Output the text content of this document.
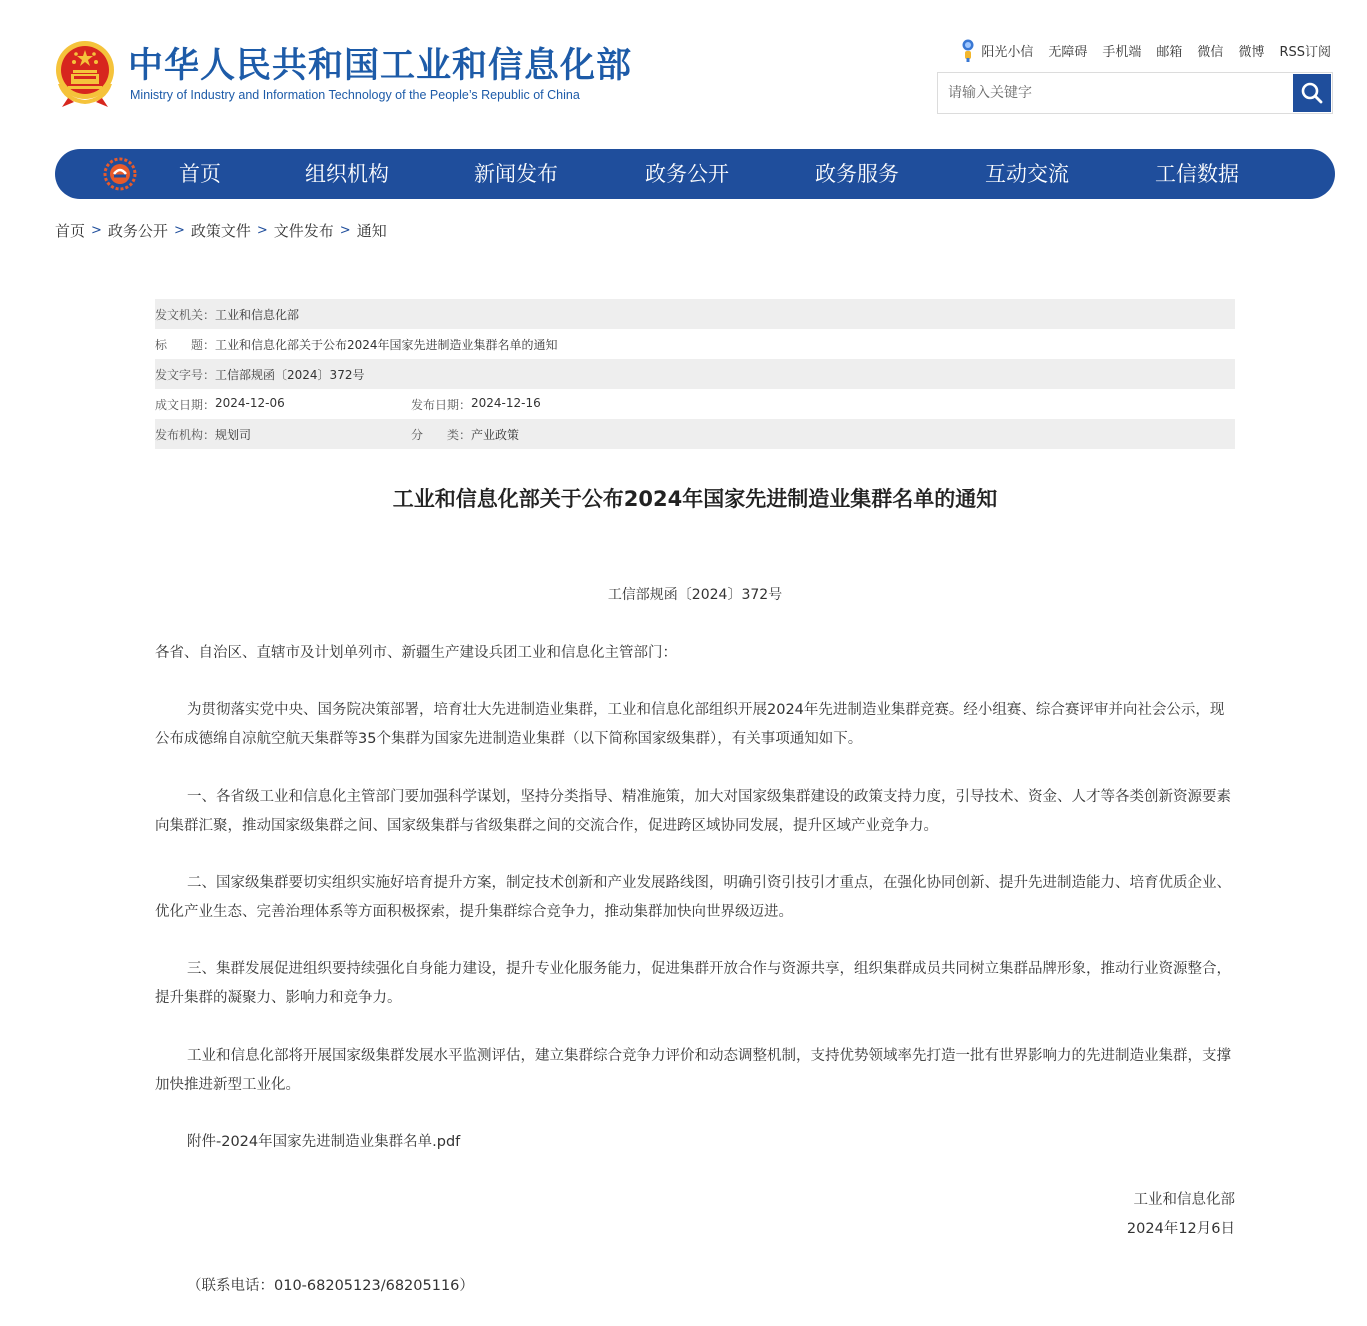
中华人民共和国工业和信息化部
Ministry of Industry and Information Technology of the People’s Republic of China
阳光小信 无障碍 手机端 邮箱 微信 微博 RSS订阅
请输入关键字
首页	组织机构	新闻发布	政务公开	政务服务	互动交流	工信数据
首页 > 政务公开 > 政策文件 > 文件发布 > 通知
发文机关： 工业和信息化部
标　　题： 工业和信息化部关于公布2024年国家先进制造业集群名单的通知
发文字号： 工信部规函〔2024〕372号
成文日期： 2024-12-06	发布日期： 2024-12-16
发布机构： 规划司	分　　类： 产业政策
工业和信息化部关于公布2024年国家先进制造业集群名单的通知
工信部规函〔2024〕372号
各省、自治区、直辖市及计划单列市、新疆生产建设兵团工业和信息化主管部门：

为贯彻落实党中央、国务院决策部署，培育壮大先进制造业集群，工业和信息化部组织开展2024年先进制造业集群竞赛。经小组赛、综合赛评审并向社会公示，现公布成德绵自凉航空航天集群等35个集群为国家先进制造业集群（以下简称国家级集群），有关事项通知如下。

一、各省级工业和信息化主管部门要加强科学谋划，坚持分类指导、精准施策，加大对国家级集群建设的政策支持力度，引导技术、资金、人才等各类创新资源要素向集群汇聚，推动国家级集群之间、国家级集群与省级集群之间的交流合作，促进跨区域协同发展，提升区域产业竞争力。

二、国家级集群要切实组织实施好培育提升方案，制定技术创新和产业发展路线图，明确引资引技引才重点，在强化协同创新、提升先进制造能力、培育优质企业、优化产业生态、完善治理体系等方面积极探索，提升集群综合竞争力，推动集群加快向世界级迈进。

三、集群发展促进组织要持续强化自身能力建设，提升专业化服务能力，促进集群开放合作与资源共享，组织集群成员共同树立集群品牌形象，推动行业资源整合，提升集群的凝聚力、影响力和竞争力。

工业和信息化部将开展国家级集群发展水平监测评估，建立集群综合竞争力评价和动态调整机制，支持优势领域率先打造一批有世界影响力的先进制造业集群，支撑加快推进新型工业化。

附件-2024年国家先进制造业集群名单.pdf
工业和信息化部
2024年12月6日
（联系电话：010-68205123/68205116）
